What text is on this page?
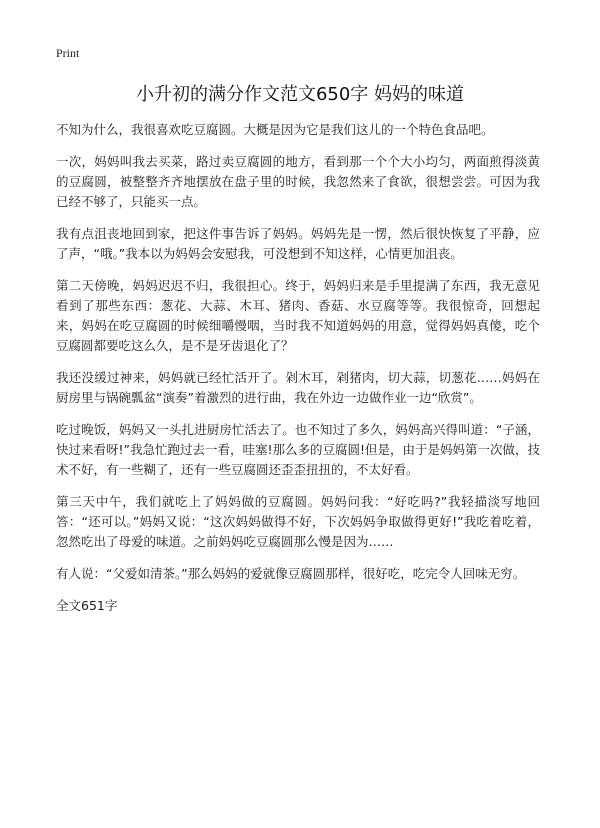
Print
小升初的满分作文范文650字 妈妈的味道

不知为什么，我很喜欢吃豆腐圆。大概是因为它是我们这儿的一个特色食品吧。

一次，妈妈叫我去买菜，路过卖豆腐圆的地方，看到那一个个大小均匀，两面煎得淡黄的豆腐圆，被整整齐齐地摆放在盘子里的时候，我忽然来了食欲，很想尝尝。可因为我已经不够了，只能买一点。

我有点沮丧地回到家，把这件事告诉了妈妈。妈妈先是一愣，然后很快恢复了平静，应了声，“哦。”我本以为妈妈会安慰我，可没想到不知这样，心情更加沮丧。

第二天傍晚，妈妈迟迟不归，我很担心。终于，妈妈归来是手里提满了东西，我无意见看到了那些东西：葱花、大蒜、木耳、猪肉、香菇、水豆腐等等。我很惊奇，回想起来，妈妈在吃豆腐圆的时候细嚼慢咽，当时我不知道妈妈的用意，觉得妈妈真傻，吃个豆腐圆都要吃这么久，是不是牙齿退化了？

我还没缓过神来，妈妈就已经忙活开了。剁木耳，剁猪肉，切大蒜，切葱花……妈妈在厨房里与锅碗瓢盆“演奏”着激烈的进行曲，我在外边一边做作业一边“欣赏”。

吃过晚饭，妈妈又一头扎进厨房忙活去了。也不知过了多久，妈妈高兴得叫道：“子涵，快过来看呀!”我急忙跑过去一看，哇塞!那么多的豆腐圆!但是，由于是妈妈第一次做，技术不好，有一些糊了，还有一些豆腐圆还歪歪扭扭的，不太好看。

第三天中午，我们就吃上了妈妈做的豆腐圆。妈妈问我：“好吃吗?”我轻描淡写地回答：“还可以。”妈妈又说：“这次妈妈做得不好，下次妈妈争取做得更好!”我吃着吃着，忽然吃出了母爱的味道。之前妈妈吃豆腐圆那么慢是因为……

有人说：“父爱如清茶。”那么妈妈的爱就像豆腐圆那样，很好吃，吃完令人回味无穷。

全文651字
